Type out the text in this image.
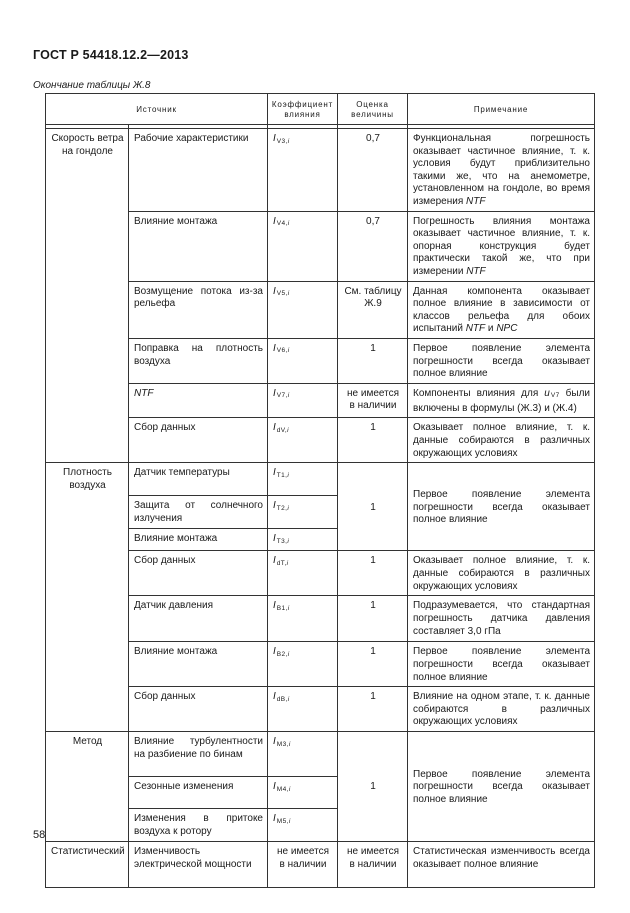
ГОСТ Р 54418.12.2—2013
Окончание таблицы Ж.8
Источник		Коэффициент влияния	Оценка величины	Примечание

Скорость ветра на гондоле	Рабочие характеристики	$I_{V3,i}$	0,7	Функциональная погрешность оказывает частичное влияние, т. к. условия будут приблизительно такими же, что на анемометре, установленном на гондоле, во время измерения NTF
	Влияние монтажа	$I_{V4,i}$	0,7	Погрешность влияния монтажа оказывает частичное влияние, т. к. опорная конструкция будет практически такой же, что при измерении NTF
	Возмущение потока из-за рельефа	$I_{V5,i}$	См. таблицу Ж.9	Данная компонента оказывает полное влияние в зависимости от классов рельефа для обоих испытаний NTF и NPC
	Поправка на плотность воздуха	$I_{V6,i}$	1	Первое появление элемента погрешности всегда оказывает полное влияние
	NTF	$I_{V7,i}$	не имеется в наличии	Компоненты влияния для $u_{V7}$ были включены в формулы (Ж.3) и (Ж.4)
	Сбор данных	$I_{dV,i}$	1	Оказывает полное влияние, т. к. данные собираются в различных окружающих условиях
Плотность воздуха	Датчик температуры	$I_{T1,i}$	1	Первое появление элемента погрешности всегда оказывает полное влияние
	Защита от солнечного излучения	$I_{T2,i}$
	Влияние монтажа	$I_{T3,i}$
	Сбор данных	$I_{dT,i}$	1	Оказывает полное влияние, т. к. данные собираются в различных окружающих условиях
	Датчик давления	$I_{B1,i}$	1	Подразумевается, что стандартная погрешность датчика давления составляет 3,0 гПа
	Влияние монтажа	$I_{B2,i}$	1	Первое появление элемента погрешности всегда оказывает полное влияние
	Сбор данных	$I_{dB,i}$	1	Влияние на одном этапе, т. к. данные собираются в различных окружающих условиях
Метод	Влияние турбулентности на разбиение по бинам	$I_{M3,i}$	1	Первое появление элемента погрешности всегда оказывает полное влияние
	Сезонные изменения	$I_{M4,i}$
	Изменения в притоке воздуха к ротору	$I_{M5,i}$
Статистический	Изменчивость электрической мощности	не имеется в наличии	не имеется в наличии	Статистическая изменчивость всегда оказывает полное влияние
58
